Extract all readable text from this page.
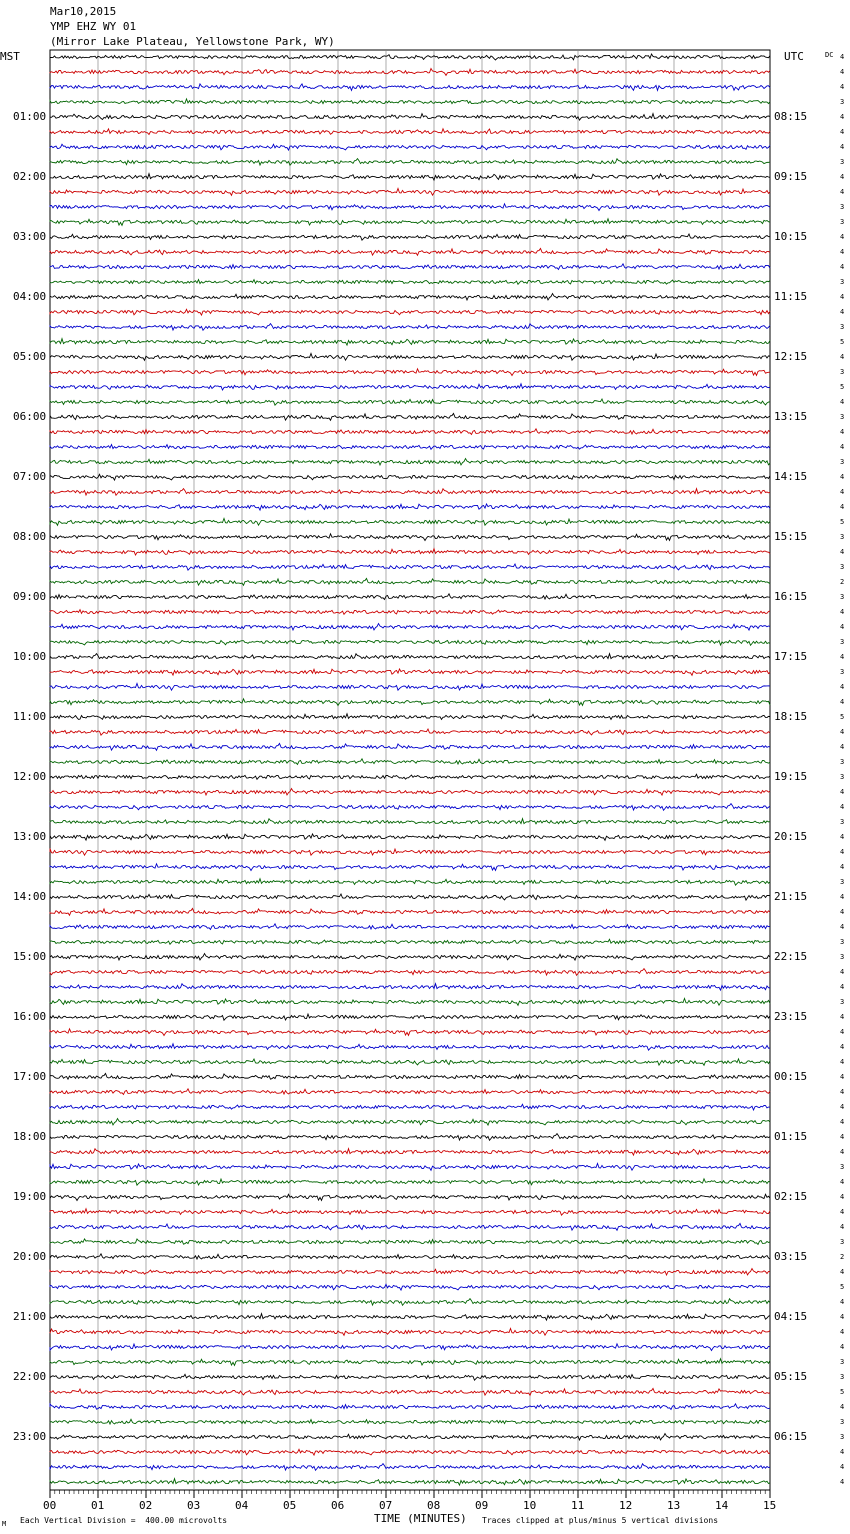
Mar10,2015
YMP EHZ WY 01
(Mirror Lake Plateau, Yellowstone Park, WY)
MST	UTC	DC
01:00
02:00
03:00
04:00
05:00
06:00
07:00
08:00
09:00
10:00
11:00
12:00
13:00
14:00
15:00
16:00
17:00
18:00
19:00
20:00
21:00
22:00
23:00
08:15
09:15
10:15
11:15
12:15
13:15
14:15
15:15
16:15
17:15
18:15
19:15
20:15
21:15
22:15
23:15
00:15
01:15
02:15
03:15
04:15
05:15
06:15
4
4
4
3
4
4
4
3
4
4
3
3
4
4
4
3
4
4
3
5
4
3
5
4
3
4
4
3
4
4
4
5
3
4
3
2
3
4
4
3
4
3
4
4
5
4
4
3
3
4
4
3
4
4
4
3
4
4
4
3
3
4
4
3
4
4
4
4
4
4
4
4
4
4
3
4
4
4
4
3
2
4
5
4
4
4
4
3
3
5
4
3
3
4
4
4
00	01	02	03	04	05	06	07	08	09	10	11	12	13	14	15
M Each Vertical Division =  400.00 microvolts	TIME (MINUTES) Traces clipped at plus/minus 5 vertical divisions
